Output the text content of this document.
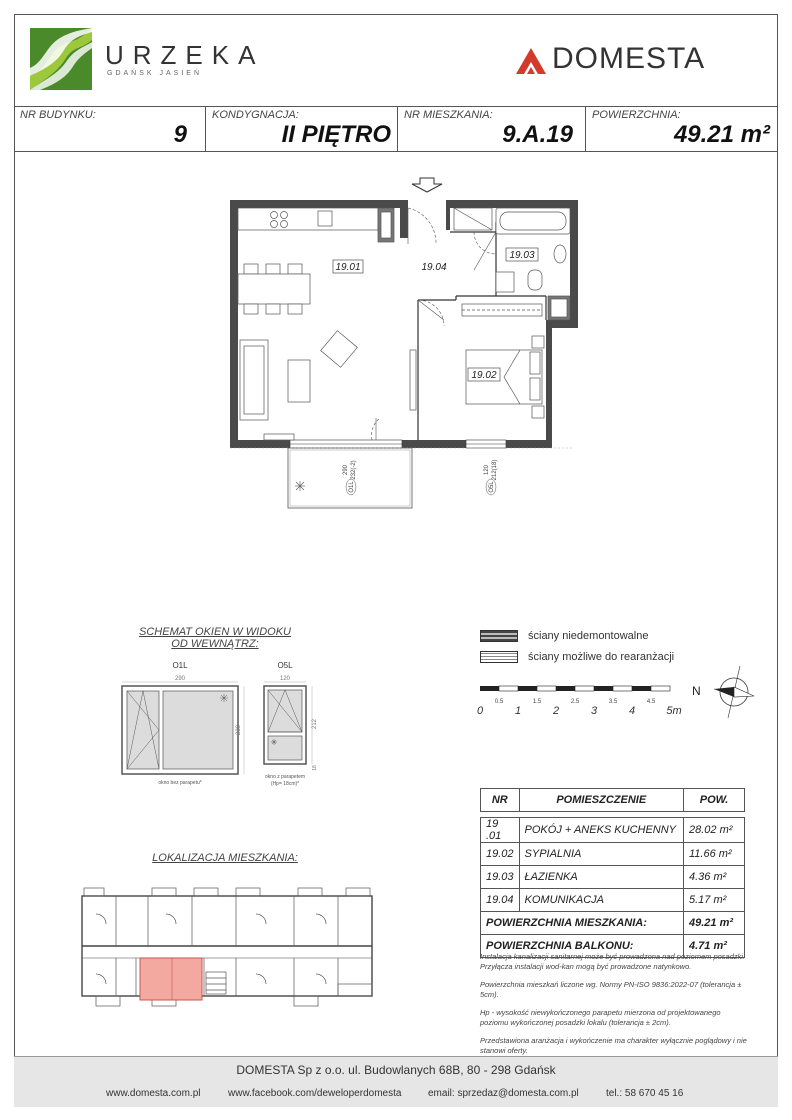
URZEKA
GDAŃSK JASIEŃ	DOMESTA
NR BUDYNKU:
9
KONDYGNACJA:
II PIĘTRO
NR MIESZKANIA:
9.A.19
POWIERZCHNIA:
49.21 m²
19.01	19.04
19.03
19.02
290 232(-2)	120 212(18)
O1L	O5L
SCHEMAT OKIEN W WIDOKU
OD WEWNĄTRZ:
O1L
290
O5L
120
230
okno bez parapetu*
212
18
okno z parapetem
(Hp= 18cm)*
ściany niedemontowalne
ściany możliwe do rearanżacji
0.5	1.5	2.5	3.5	4.5
0	1	2	3	4	5m
N
LOKALIZACJA MIESZKANIA:
NR	POMIESZCZENIE	POW.

19 .01	POKÓJ + ANEKS KUCHENNY	28.02 m²
19.02	SYPIALNIA	11.66 m²
19.03	ŁAZIENKA	4.36 m²
19.04	KOMUNIKACJA	5.17 m²
POWIERZCHNIA MIESZKANIA:		49.21 m²
POWIERZCHNIA BALKONU:		4.71 m²

Instalacja kanalizacji sanitarnej może być prowadzona nad poziomem posadzki. Przyłącza instalacji wod-kan mogą być prowadzone natynkowo.

Powierzchnia mieszkań liczone wg. Normy PN-ISO 9836:2022-07 (tolerancja ± 5cm).

Hp - wysokość niewykończonego parapetu mierzona od projektowanego poziomu wykończonej posadzki lokalu (tolerancja ± 2cm).

Przedstawiona aranżacja i wykończenie ma charakter wyłącznie poglądowy i nie stanowi oferty.

DOMESTA Sp z o.o. ul. Budowlanych 68B, 80 - 298 Gdańsk
www.domesta.com.pl	www.facebook.com/deweloperdomesta	email: sprzedaz@domesta.com.pl	tel.: 58 670 45 16
